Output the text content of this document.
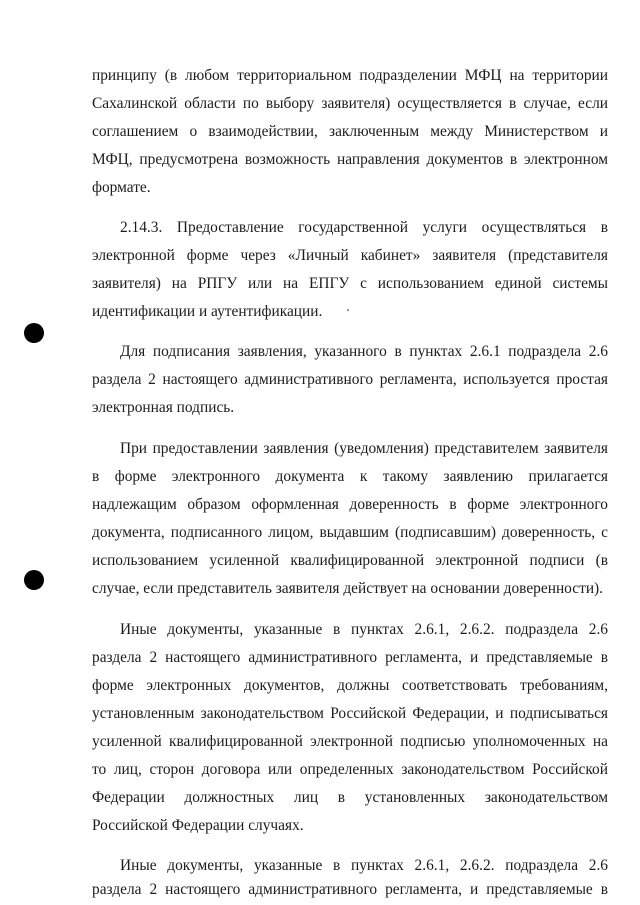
принципу (в любом территориальном подразделении МФЦ на территории
Сахалинской области по выбору заявителя) осуществляется в случае, если
соглашением о взаимодействии, заключенным между Министерством и
МФЦ, предусмотрена возможность направления документов в электронном
формате.
2.14.3. Предоставление государственной услуги осуществляться в
электронной форме через «Личный кабинет» заявителя (представителя
заявителя) на РПГУ или на ЕПГУ с использованием единой системы
идентификации и аутентификации.
Для подписания заявления, указанного в пунктах 2.6.1 подраздела 2.6
раздела 2 настоящего административного регламента, используется простая
электронная подпись.
При предоставлении заявления (уведомления) представителем заявителя
в форме электронного документа к такому заявлению прилагается
надлежащим образом оформленная доверенность в форме электронного
документа, подписанного лицом, выдавшим (подписавшим) доверенность, с
использованием усиленной квалифицированной электронной подписи (в
случае, если представитель заявителя действует на основании доверенности).
Иные документы, указанные в пунктах 2.6.1, 2.6.2. подраздела 2.6
раздела 2 настоящего административного регламента, и представляемые в
форме электронных документов, должны соответствовать требованиям,
установленным законодательством Российской Федерации, и подписываться
усиленной квалифицированной электронной подписью уполномоченных на
то лиц, сторон договора или определенных законодательством Российской
Федерации должностных лиц в установленных законодательством
Российской Федерации случаях.
Иные документы, указанные в пунктах 2.6.1, 2.6.2. подраздела 2.6
раздела 2 настоящего административного регламента, и представляемые в
